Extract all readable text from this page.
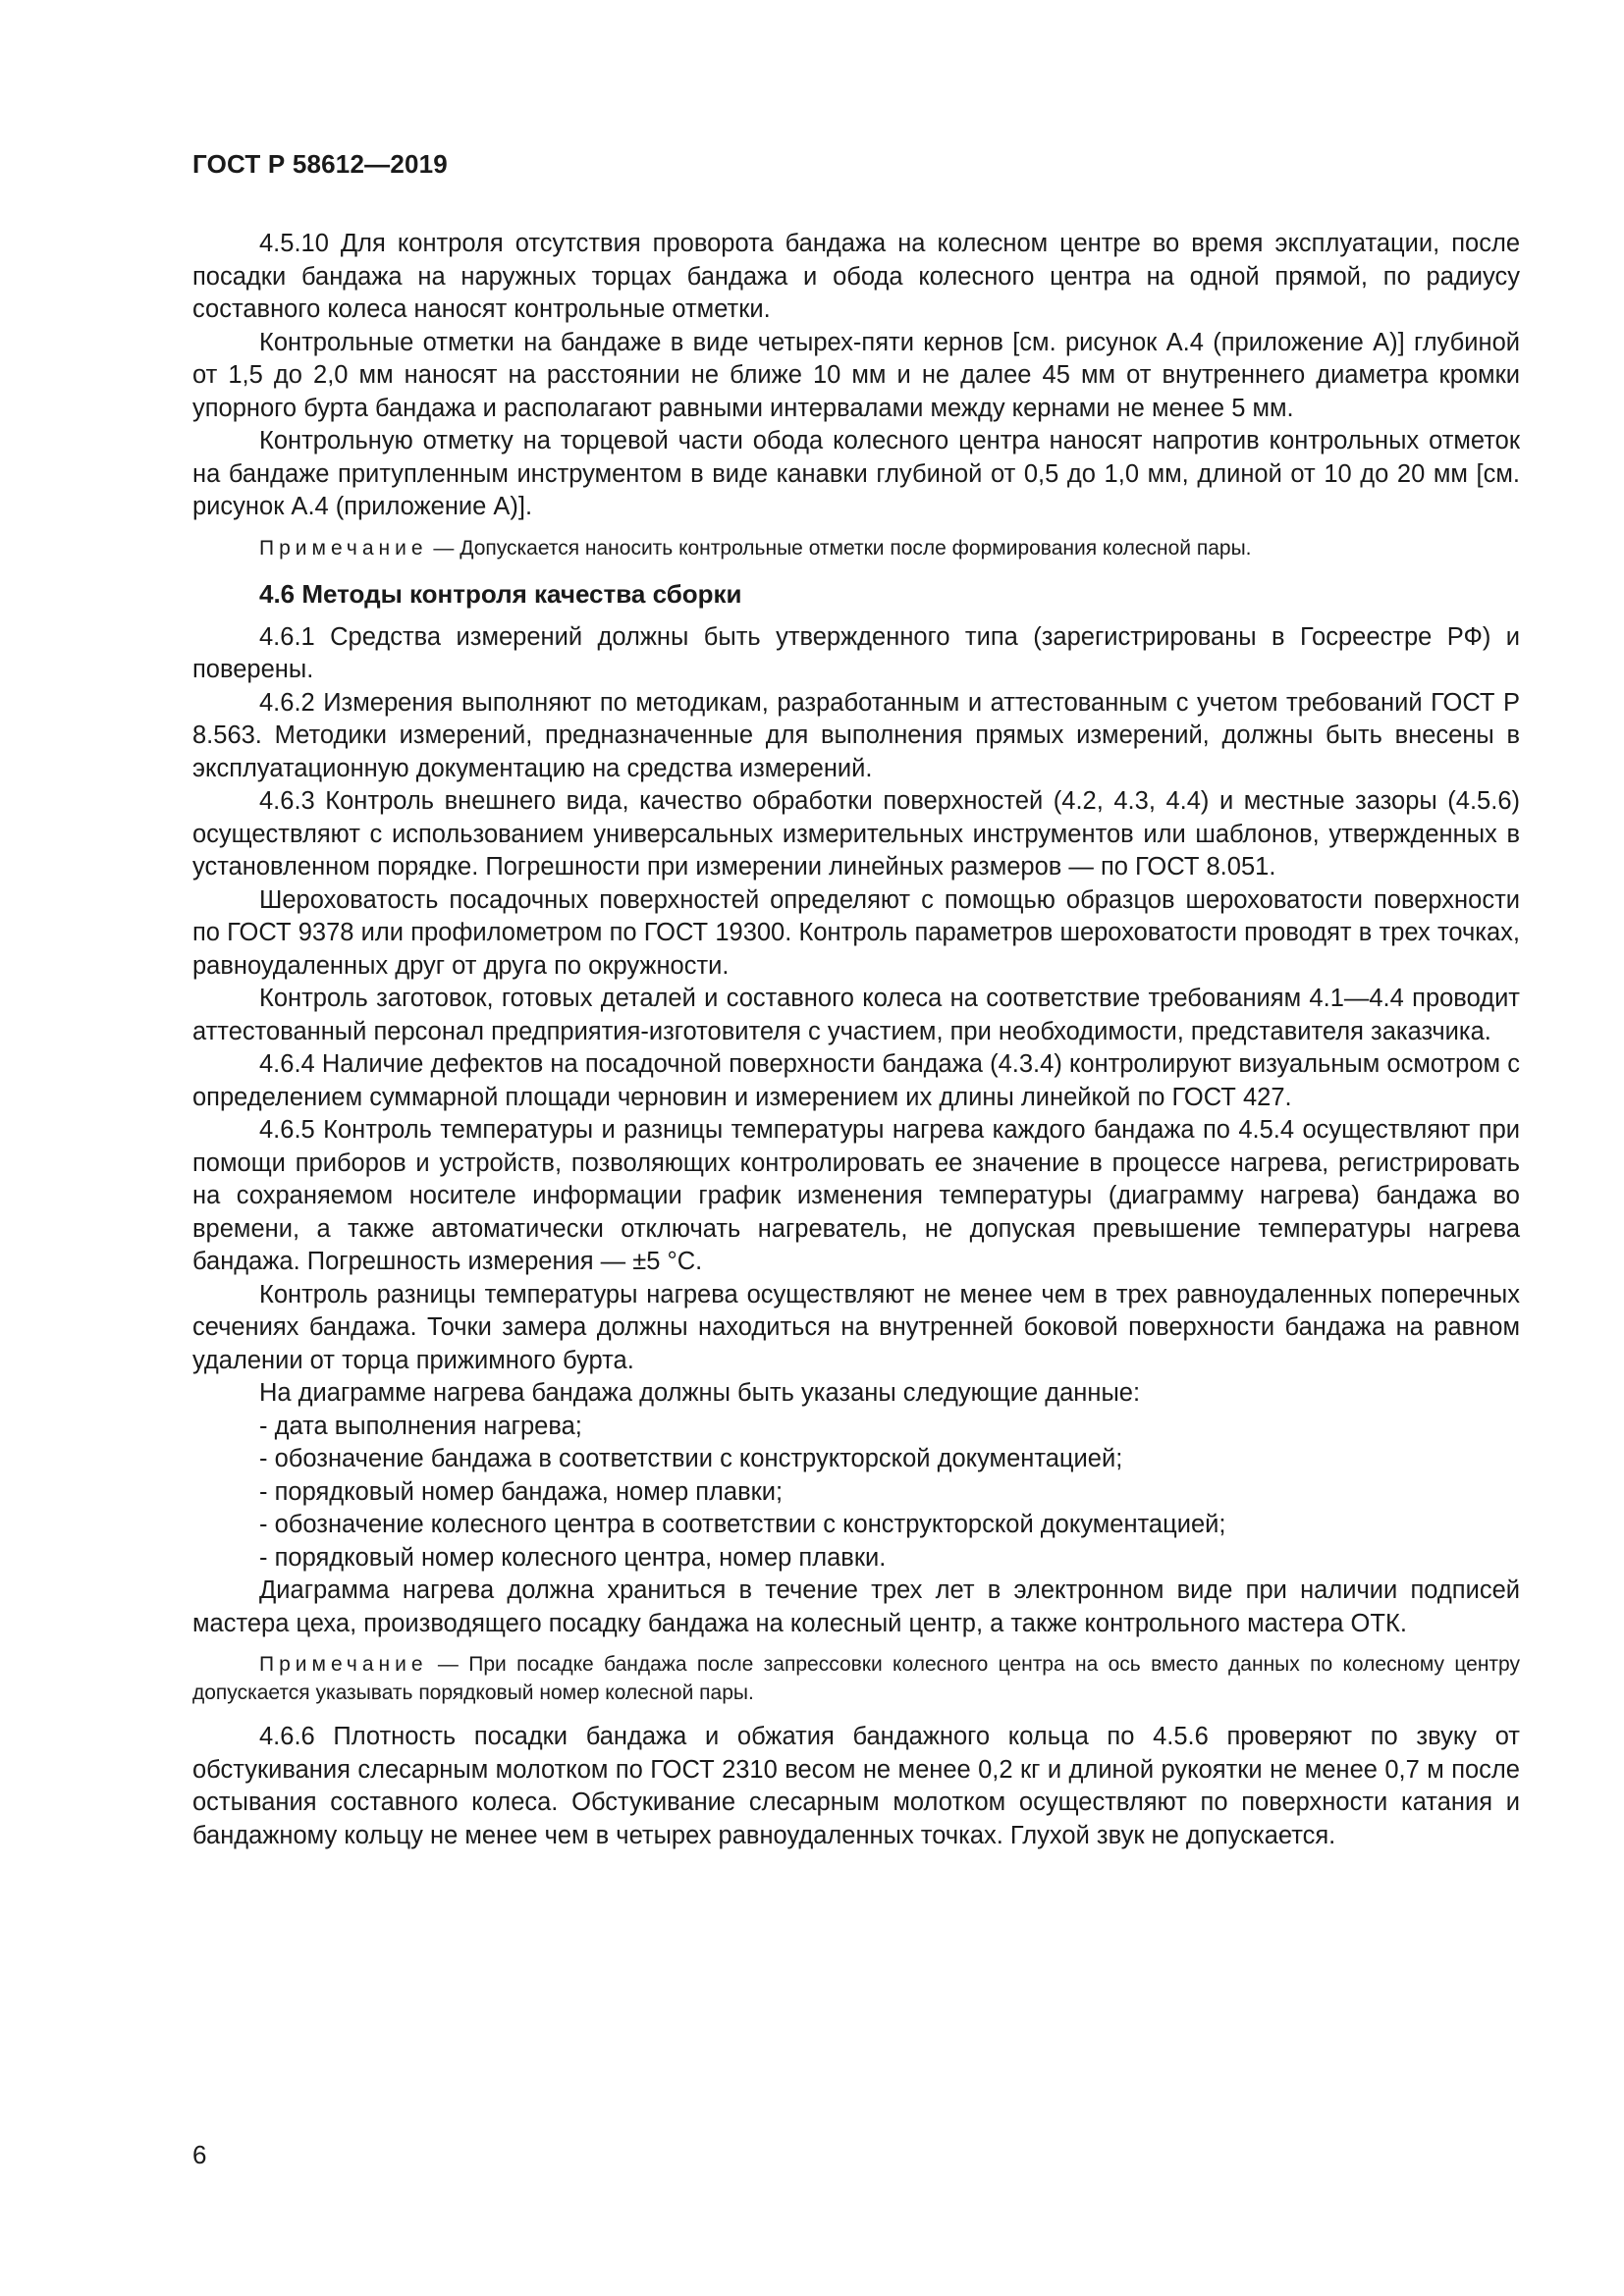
ГОСТ Р 58612—2019

4.5.10 Для контроля отсутствия проворота бандажа на колесном центре во время эксплуатации, после посадки бандажа на наружных торцах бандажа и обода колесного центра на одной прямой, по радиусу составного колеса наносят контрольные отметки.

Контрольные отметки на бандаже в виде четырех-пяти кернов [см. рисунок А.4 (приложение А)] глубиной от 1,5 до 2,0 мм наносят на расстоянии не ближе 10 мм и не далее 45 мм от внутреннего диаметра кромки упорного бурта бандажа и располагают равными интервалами между кернами не менее 5 мм.

Контрольную отметку на торцевой части обода колесного центра наносят напротив контрольных отметок на бандаже притупленным инструментом в виде канавки глубиной от 0,5 до 1,0 мм, длиной от 10 до 20 мм [см. рисунок А.4 (приложение А)].

Примечание — Допускается наносить контрольные отметки после формирования колесной пары.
4.6 Методы контроля качества сборки

4.6.1 Средства измерений должны быть утвержденного типа (зарегистрированы в Госреестре РФ) и поверены.

4.6.2 Измерения выполняют по методикам, разработанным и аттестованным с учетом требований ГОСТ Р 8.563. Методики измерений, предназначенные для выполнения прямых измерений, должны быть внесены в эксплуатационную документацию на средства измерений.

4.6.3 Контроль внешнего вида, качество обработки поверхностей (4.2, 4.3, 4.4) и местные зазоры (4.5.6) осуществляют с использованием универсальных измерительных инструментов или шаблонов, утвержденных в установленном порядке. Погрешности при измерении линейных размеров — по ГОСТ 8.051.

Шероховатость посадочных поверхностей определяют с помощью образцов шероховатости поверхности по ГОСТ 9378 или профилометром по ГОСТ 19300. Контроль параметров шероховатости проводят в трех точках, равноудаленных друг от друга по окружности.

Контроль заготовок, готовых деталей и составного колеса на соответствие требованиям 4.1—4.4 проводит аттестованный персонал предприятия-изготовителя с участием, при необходимости, представителя заказчика.

4.6.4 Наличие дефектов на посадочной поверхности бандажа (4.3.4) контролируют визуальным осмотром с определением суммарной площади черновин и измерением их длины линейкой по ГОСТ 427.

4.6.5 Контроль температуры и разницы температуры нагрева каждого бандажа по 4.5.4 осуществляют при помощи приборов и устройств, позволяющих контролировать ее значение в процессе нагрева, регистрировать на сохраняемом носителе информации график изменения температуры (диаграмму нагрева) бандажа во времени, а также автоматически отключать нагреватель, не допуская превышение температуры нагрева бандажа. Погрешность измерения — ±5 °С.

Контроль разницы температуры нагрева осуществляют не менее чем в трех равноудаленных поперечных сечениях бандажа. Точки замера должны находиться на внутренней боковой поверхности бандажа на равном удалении от торца прижимного бурта.

На диаграмме нагрева бандажа должны быть указаны следующие данные:

- дата выполнения нагрева;
- обозначение бандажа в соответствии с конструкторской документацией;
- порядковый номер бандажа, номер плавки;
- обозначение колесного центра в соответствии с конструкторской документацией;
- порядковый номер колесного центра, номер плавки.

Диаграмма нагрева должна храниться в течение трех лет в электронном виде при наличии подписей мастера цеха, производящего посадку бандажа на колесный центр, а также контрольного мастера ОТК.

Примечание — При посадке бандажа после запрессовки колесного центра на ось вместо данных по колесному центру допускается указывать порядковый номер колесной пары.

4.6.6 Плотность посадки бандажа и обжатия бандажного кольца по 4.5.6 проверяют по звуку от обстукивания слесарным молотком по ГОСТ 2310 весом не менее 0,2 кг и длиной рукоятки не менее 0,7 м после остывания составного колеса. Обстукивание слесарным молотком осуществляют по поверхности катания и бандажному кольцу не менее чем в четырех равноудаленных точках. Глухой звук не допускается.

6
